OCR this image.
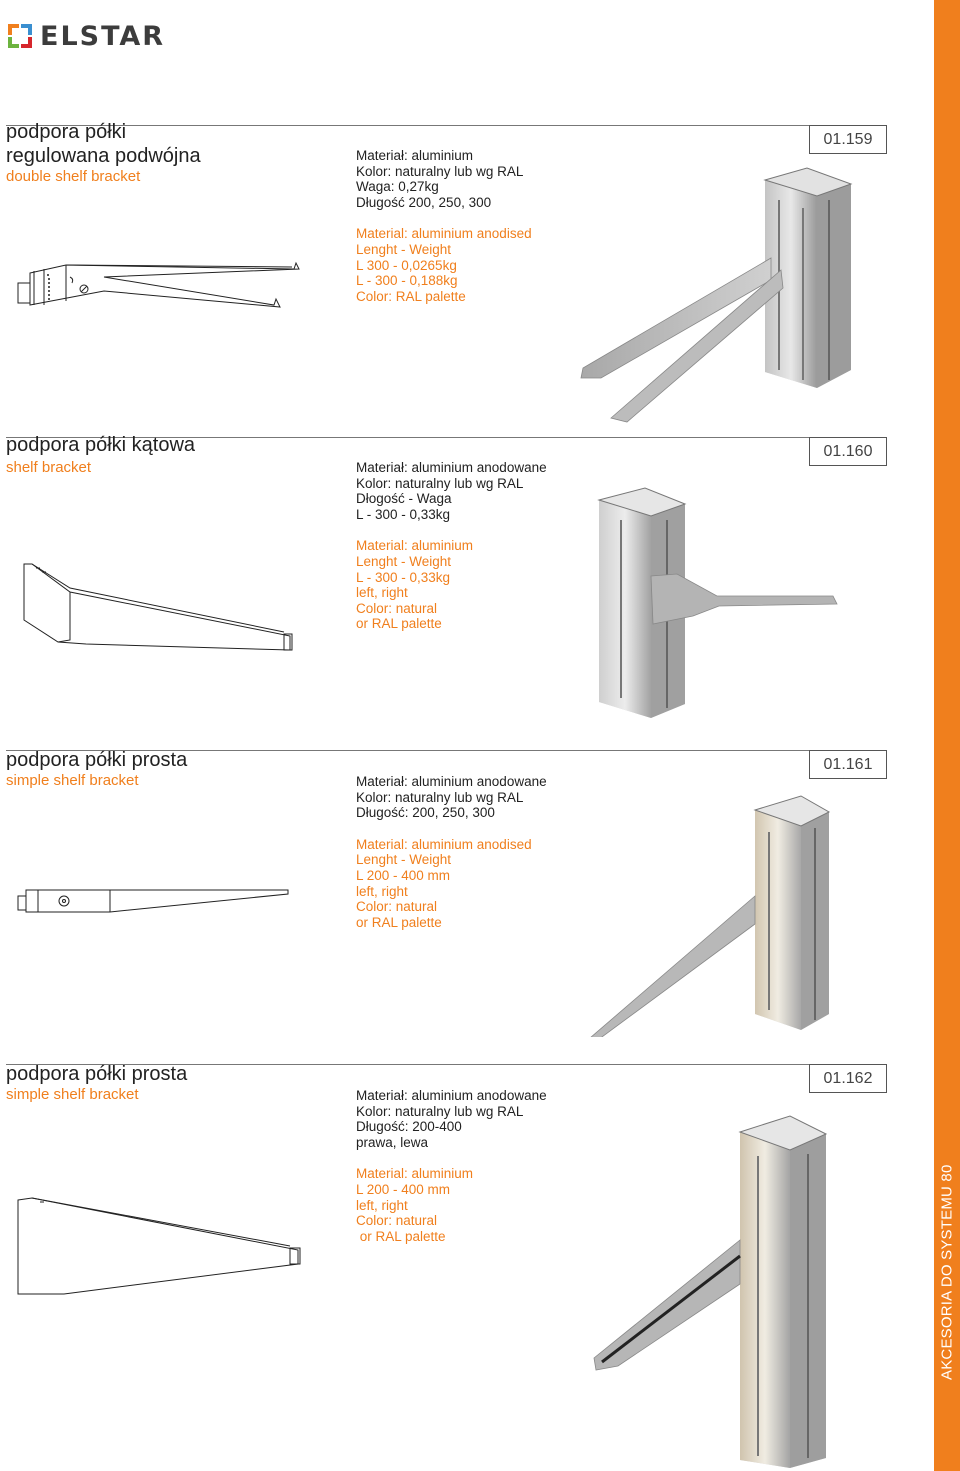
AKCESORIA DO SYSTEMU 80
ELSTAR
01.159
podpora półki
regulowana podwójna
double shelf bracket
Materiał: aluminium
Kolor: naturalny lub wg RAL
Waga: 0,27kg
Długość 200, 250, 300
Material: aluminium anodised
Lenght - Weight
L 300 - 0,0265kg
L - 300 - 0,188kg
Color: RAL palette
01.160
podpora półki kątowa
shelf bracket	Materiał: aluminium anodowane
Kolor: naturalny lub wg RAL
Dłogość - Waga
L - 300 - 0,33kg
Material: aluminium
Lenght - Weight
L - 300 - 0,33kg
left, right
Color: natural
or RAL palette
01.161
podpora półki prosta
simple shelf bracket	Materiał: aluminium anodowane
Kolor: naturalny lub wg RAL
Długość: 200, 250, 300
Material: aluminium anodised
Lenght - Weight
L 200 - 400 mm
left, right
Color: natural
or RAL palette
01.162
podpora półki prosta
simple shelf bracket	Materiał: aluminium anodowane
Kolor: naturalny lub wg RAL
Długość: 200-400
prawa, lewa
Material: aluminium
L 200 - 400 mm
left, right
Color: natural
or RAL palette
